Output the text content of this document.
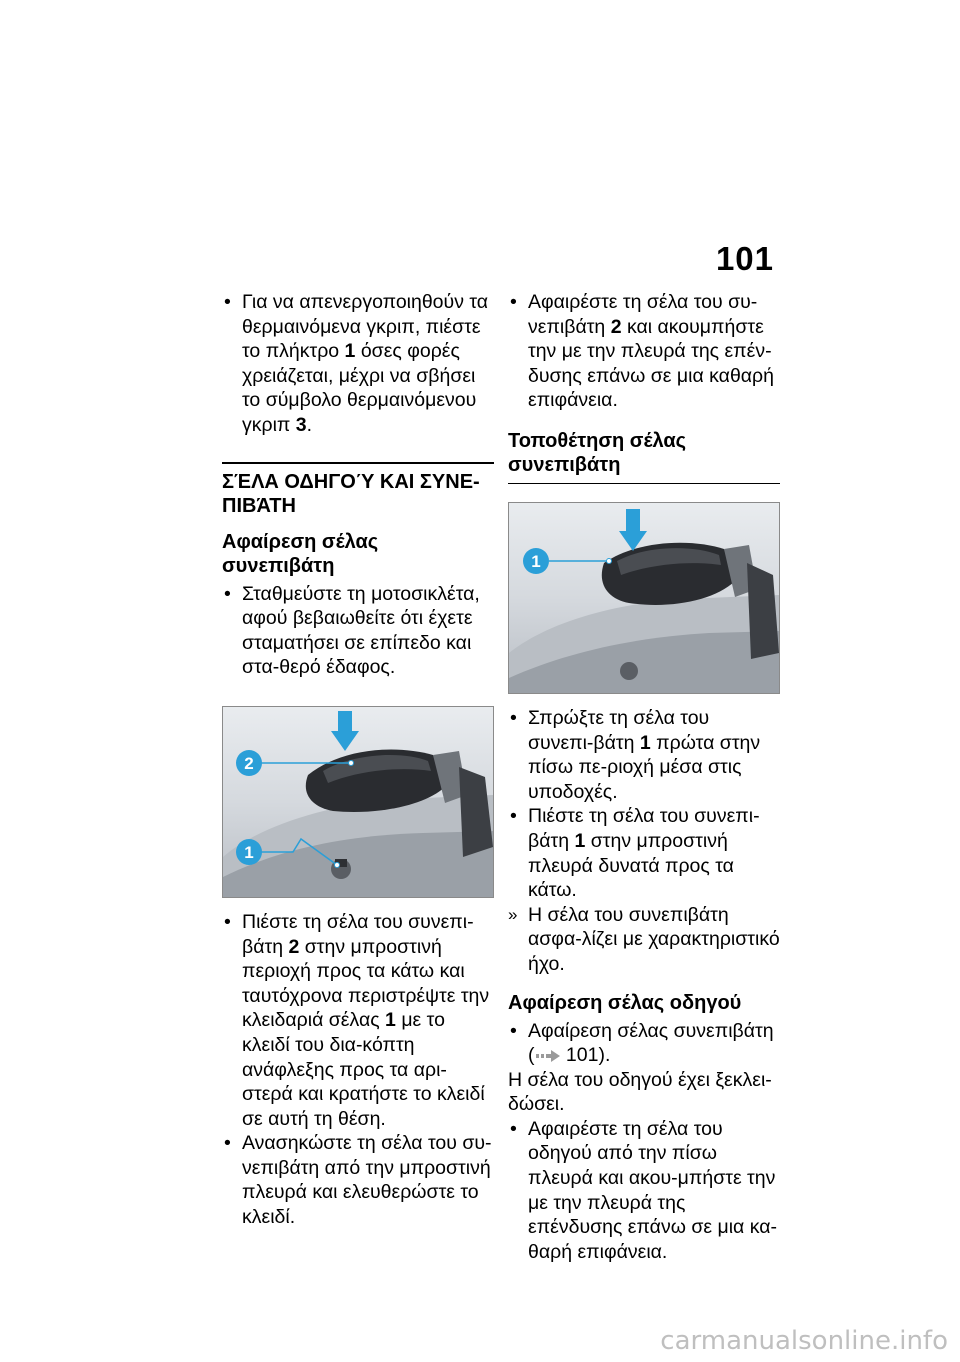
101

• Για να απενεργοποιηθούν τα θερμαινόμενα γκριπ, πιέστε το πλήκτρο 1 όσες φορές χρειάζεται, μέχρι να σβήσει το σύμβολο θερμαινόμενου γκριπ 3.

ΣΈΛΑ ΟΔΗΓΟΎ ΚΑΙ ΣΥΝΕ-ΠΙΒΆΤΗ
Αφαίρεση σέλας συνεπιβάτη

• Σταθμεύστε τη μοτοσικλέτα, αφού βεβαιωθείτε ότι έχετε σταματήσει σε επίπεδο και στα-θερό έδαφος.

2
1

• Πιέστε τη σέλα του συνεπι-βάτη 2 στην μπροστινή περιοχή προς τα κάτω και ταυτόχρονα περιστρέψτε την κλειδαριά σέλας 1 με το κλειδί του δια-κόπτη ανάφλεξης προς τα αρι-στερά και κρατήστε το κλειδί σε αυτή τη θέση.

• Ανασηκώστε τη σέλα του συ-νεπιβάτη από την μπροστινή πλευρά και ελευθερώστε το κλειδί.

• Αφαιρέστε τη σέλα του συ-νεπιβάτη 2 και ακουμπήστε την με την πλευρά της επέν-δυσης επάνω σε μια καθαρή επιφάνεια.

Τοποθέτηση σέλας συνεπιβάτη
1

• Σπρώξτε τη σέλα του συνεπι-βάτη 1 πρώτα στην πίσω πε-ριοχή μέσα στις υποδοχές.

• Πιέστε τη σέλα του συνεπι-βάτη 1 στην μπροστινή πλευρά δυνατά προς τα κάτω.

» Η σέλα του συνεπιβάτη ασφα-λίζει με χαρακτηριστικό ήχο.

Αφαίρεση σέλας οδηγού

• Αφαίρεση σέλας συνεπιβάτη
( 101).

Η σέλα του οδηγού έχει ξεκλει-δώσει.

• Αφαιρέστε τη σέλα του οδηγού από την πίσω πλευρά και ακου-μπήστε την με την πλευρά της επένδυσης επάνω σε μια κα-θαρή επιφάνεια.

carmanualsonline.info
